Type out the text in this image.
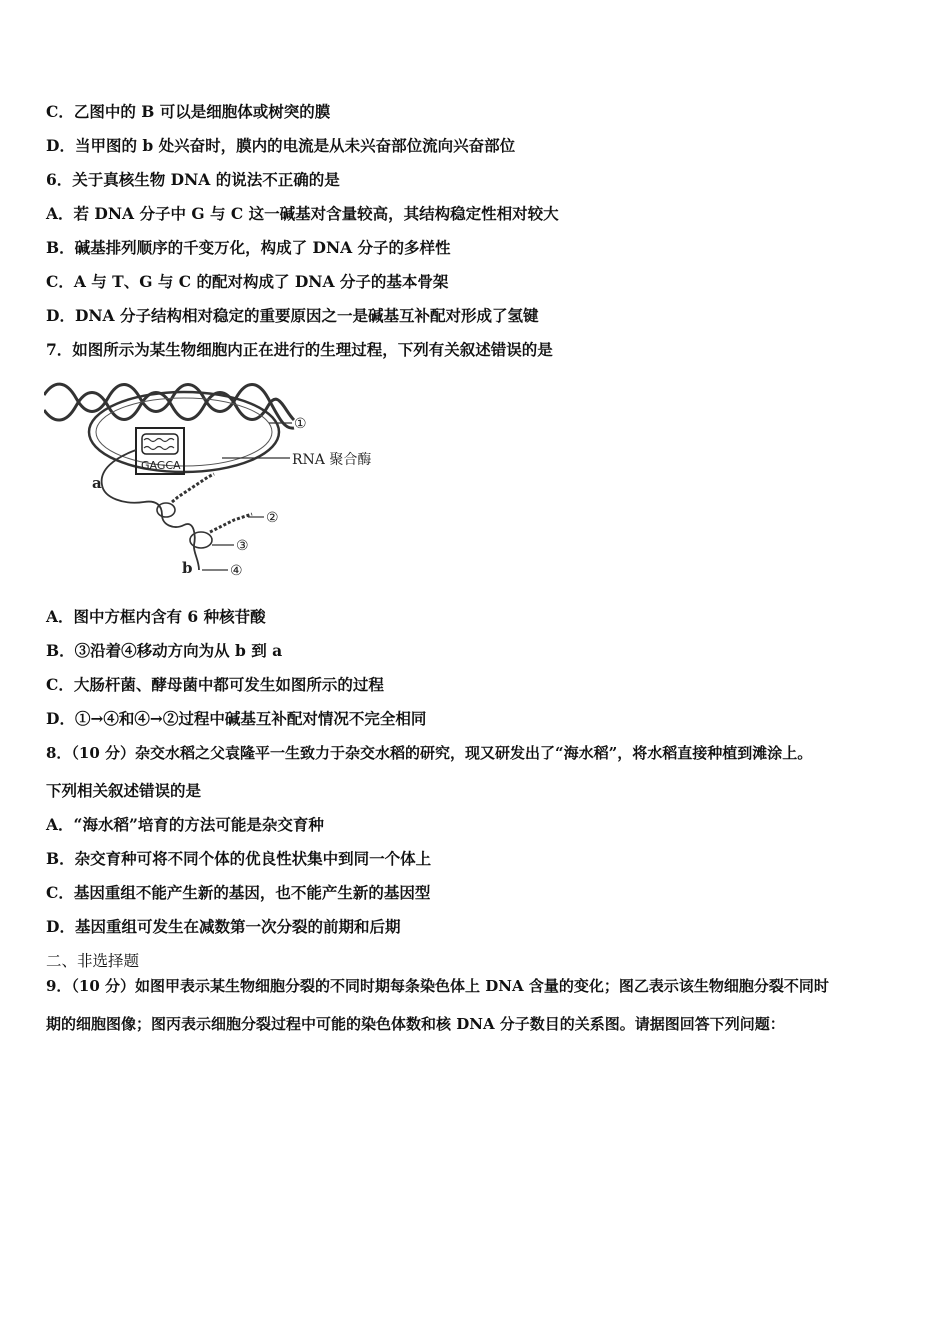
C．乙图中的 B 可以是细胞体或树突的膜
D．当甲图的 b 处兴奋时，膜内的电流是从未兴奋部位流向兴奋部位
6．关于真核生物 DNA 的说法不正确的是
A．若 DNA 分子中 G 与 C 这一碱基对含量较高，其结构稳定性相对较大
B．碱基排列顺序的千变万化，构成了 DNA 分子的多样性
C．A 与 T、G 与 C 的配对构成了 DNA 分子的基本骨架
D．DNA 分子结构相对稳定的重要原因之一是碱基互补配对形成了氢键
7．如图所示为某生物细胞内正在进行的生理过程，下列有关叙述错误的是
GAGCA
①
RNA 聚合酶
a
②
③
④
b
A．图中方框内含有 6 种核苷酸
B．③沿着④移动方向为从 b 到 a
C．大肠杆菌、酵母菌中都可发生如图所示的过程
D．①→④和④→②过程中碱基互补配对情况不完全相同
8．（10 分）杂交水稻之父袁隆平一生致力于杂交水稻的研究，现又研发出了“海水稻”，将水稻直接种植到滩涂上。
下列相关叙述错误的是
A．“海水稻”培育的方法可能是杂交育种
B．杂交育种可将不同个体的优良性状集中到同一个体上
C．基因重组不能产生新的基因，也不能产生新的基因型
D．基因重组可发生在减数第一次分裂的前期和后期
二、非选择题
9．（10 分）如图甲表示某生物细胞分裂的不同时期每条染色体上 DNA 含量的变化；图乙表示该生物细胞分裂不同时
期的细胞图像；图丙表示细胞分裂过程中可能的染色体数和核 DNA 分子数目的关系图。请据图回答下列问题：
